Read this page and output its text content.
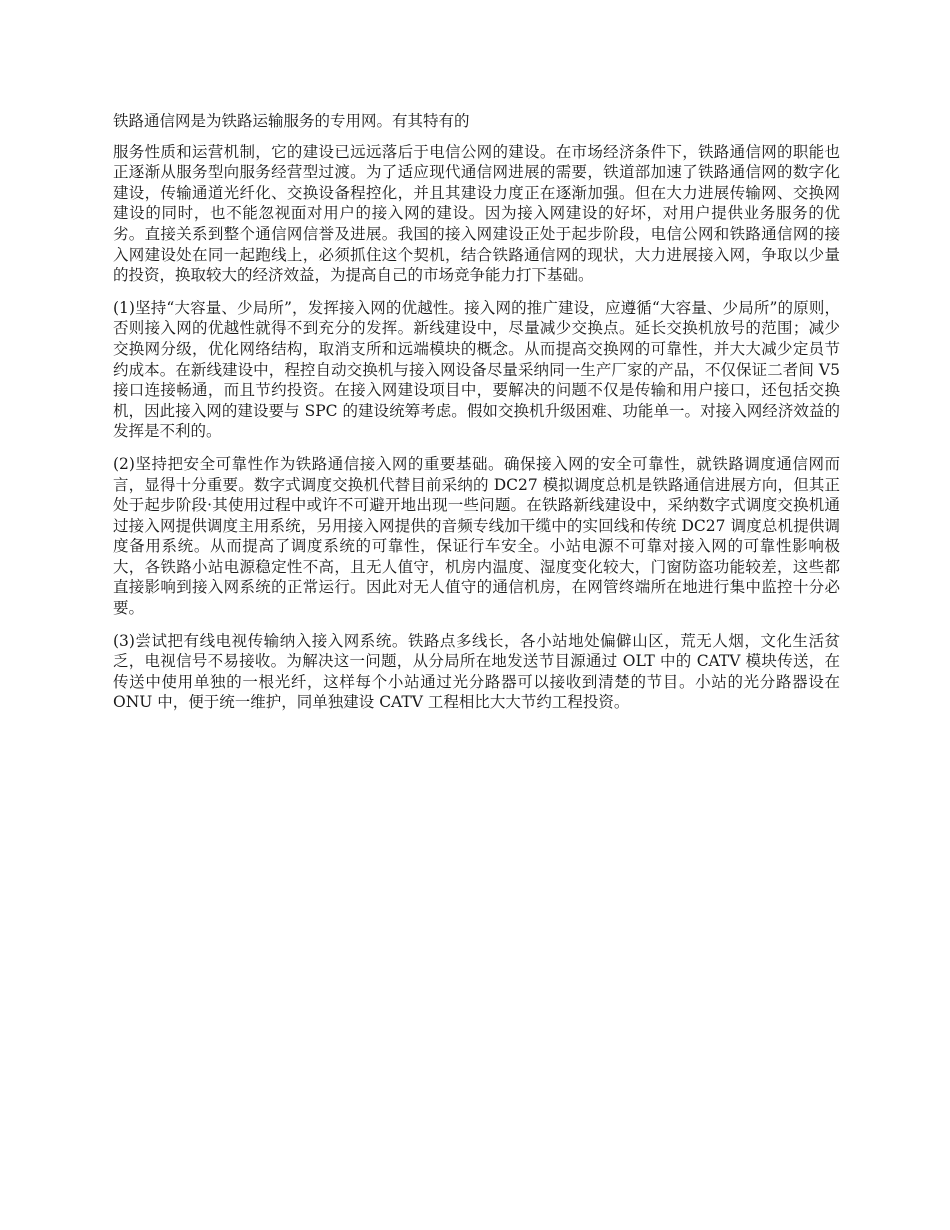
铁路通信网是为铁路运输服务的专用网。有其特有的

服务性质和运营机制，它的建设已远远落后于电信公网的建设。在市场经济条件下，铁路通信网的职能也正逐渐从服务型向服务经营型过渡。为了适应现代通信网进展的需要，铁道部加速了铁路通信网的数字化建设，传输通道光纤化、交换设备程控化，并且其建设力度正在逐渐加强。但在大力进展传输网、交换网建设的同时，也不能忽视面对用户的接入网的建设。因为接入网建设的好坏，对用户提供业务服务的优劣。直接关系到整个通信网信誉及进展。我国的接入网建设正处于起步阶段，电信公网和铁路通信网的接入网建设处在同一起跑线上，必须抓住这个契机，结合铁路通信网的现状，大力进展接入网，争取以少量的投资，换取较大的经济效益，为提高自己的市场竞争能力打下基础。

(1)坚持“大容量、少局所”，发挥接入网的优越性。接入网的推广建设，应遵循“大容量、少局所”的原则，否则接入网的优越性就得不到充分的发挥。新线建设中，尽量减少交换点。延长交换机放号的范围；减少交换网分级，优化网络结构，取消支所和远端模块的概念。从而提高交换网的可靠性，并大大减少定员节约成本。在新线建设中，程控自动交换机与接入网设备尽量采纳同一生产厂家的产品，不仅保证二者间 V5 接口连接畅通，而且节约投资。在接入网建设项目中，要解决的问题不仅是传输和用户接口，还包括交换机，因此接入网的建设要与 SPC 的建设统筹考虑。假如交换机升级困难、功能单一。对接入网经济效益的发挥是不利的。

(2)坚持把安全可靠性作为铁路通信接入网的重要基础。确保接入网的安全可靠性，就铁路调度通信网而言，显得十分重要。数字式调度交换机代替目前采纳的 DC27 模拟调度总机是铁路通信进展方向，但其正处于起步阶段·其使用过程中或许不可避开地出现一些问题。在铁路新线建设中，采纳数字式调度交换机通过接入网提供调度主用系统，另用接入网提供的音频专线加干缆中的实回线和传统 DC27 调度总机提供调度备用系统。从而提高了调度系统的可靠性，保证行车安全。小站电源不可靠对接入网的可靠性影响极大，各铁路小站电源稳定性不高，且无人值守，机房内温度、湿度变化较大，门窗防盗功能较差，这些都直接影响到接入网系统的正常运行。因此对无人值守的通信机房，在网管终端所在地进行集中监控十分必要。

(3)尝试把有线电视传输纳入接入网系统。铁路点多线长，各小站地处偏僻山区，荒无人烟，文化生活贫乏，电视信号不易接收。为解决这一问题，从分局所在地发送节目源通过 OLT 中的 CATV 模块传送，在传送中使用单独的一根光纤，这样每个小站通过光分路器可以接收到清楚的节目。小站的光分路器设在 ONU 中，便于统一维护，同单独建设 CATV 工程相比大大节约工程投资。
